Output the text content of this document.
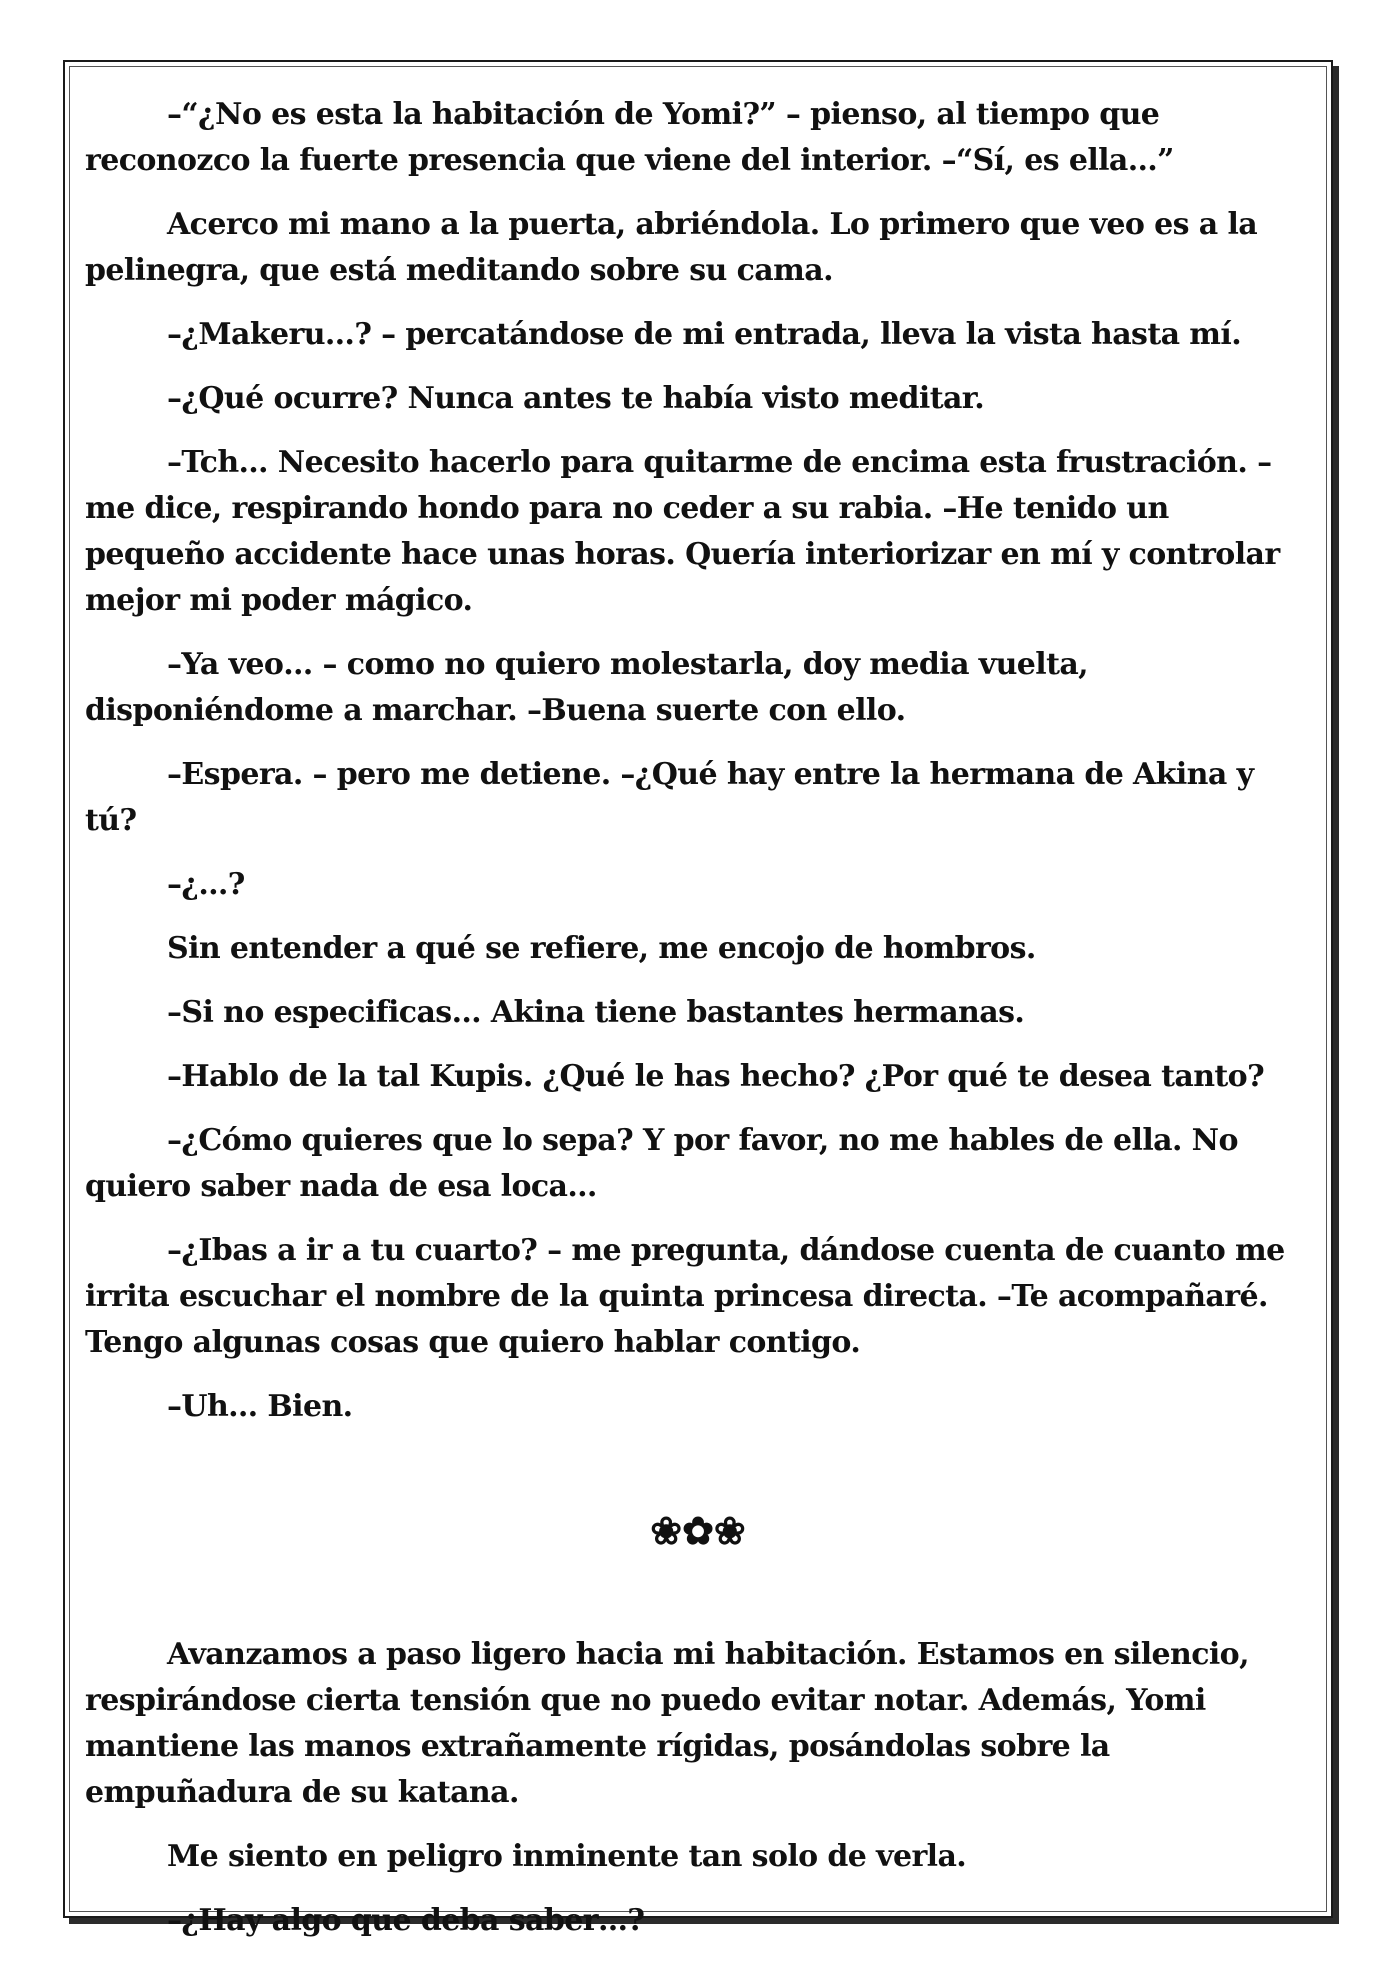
–“¿No es esta la habitación de Yomi?” – pienso, al tiempo que reconozco la fuerte presencia que viene del interior. –“Sí, es ella…”

Acerco mi mano a la puerta, abriéndola. Lo primero que veo es a la pelinegra, que está meditando sobre su cama.

–¿Makeru…? – percatándose de mi entrada, lleva la vista hasta mí.

–¿Qué ocurre? Nunca antes te había visto meditar.

–Tch… Necesito hacerlo para quitarme de encima esta frustración. – me dice, respirando hondo para no ceder a su rabia. –He tenido un pequeño accidente hace unas horas. Quería interiorizar en mí y controlar mejor mi poder mágico.

–Ya veo… – como no quiero molestarla, doy media vuelta, disponiéndome a marchar. –Buena suerte con ello.

–Espera. – pero me detiene. –¿Qué hay entre la hermana de Akina y tú?

–¿…?

Sin entender a qué se refiere, me encojo de hombros.

–Si no especificas… Akina tiene bastantes hermanas.

–Hablo de la tal Kupis. ¿Qué le has hecho? ¿Por qué te desea tanto?

–¿Cómo quieres que lo sepa? Y por favor, no me hables de ella. No quiero saber nada de esa loca…

–¿Ibas a ir a tu cuarto? – me pregunta, dándose cuenta de cuanto me irrita escuchar el nombre de la quinta princesa directa. –Te acompañaré. Tengo algunas cosas que quiero hablar contigo.

–Uh… Bien.

❀✿❀

Avanzamos a paso ligero hacia mi habitación. Estamos en silencio, respirándose cierta tensión que no puedo evitar notar. Además, Yomi mantiene las manos extrañamente rígidas, posándolas sobre la empuñadura de su katana.

Me siento en peligro inminente tan solo de verla.

–¿Hay algo que deba saber…?
